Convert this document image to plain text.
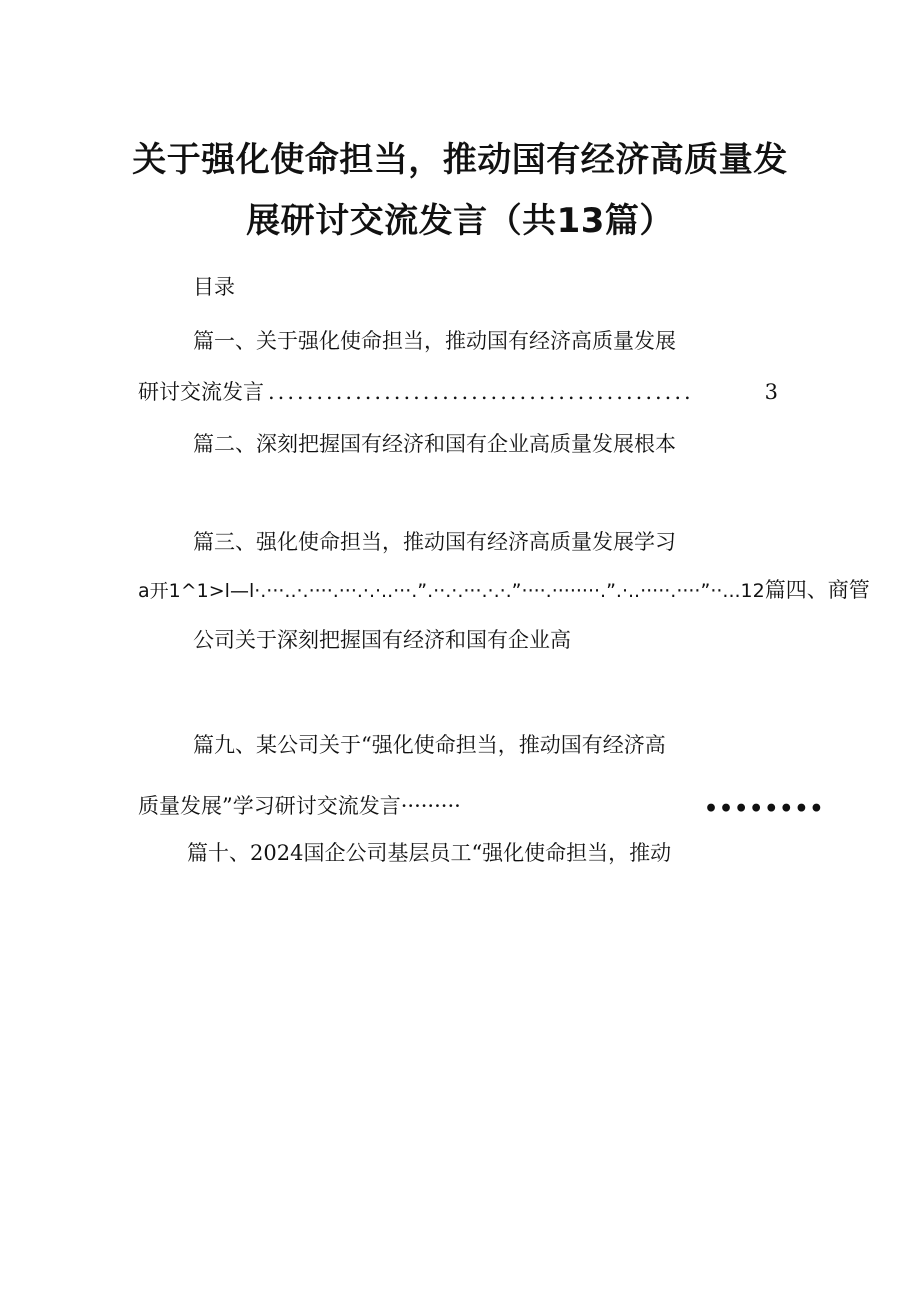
关于强化使命担当，推动国有经济高质量发
展研讨交流发言（共13篇）
目录
篇一、关于强化使命担当，推动国有经济高质量发展
研讨交流发言 ............................................	3
篇二、深刻把握国有经济和国有企业高质量发展根本
篇三、强化使命担当，推动国有经济高质量发展学习
a开1^1>l—l·.···..·.····.···.·.·..···.”.··.·.···.·.·.”····.········.”.·..·····.····”··...12篇四、商管
公司关于深刻把握国有经济和国有企业高
篇九、某公司关于“强化使命担当，推动国有经济高
质量发展”学习研讨交流发言·········	••••••••
篇十、2024国企公司基层员工“强化使命担当，推动
